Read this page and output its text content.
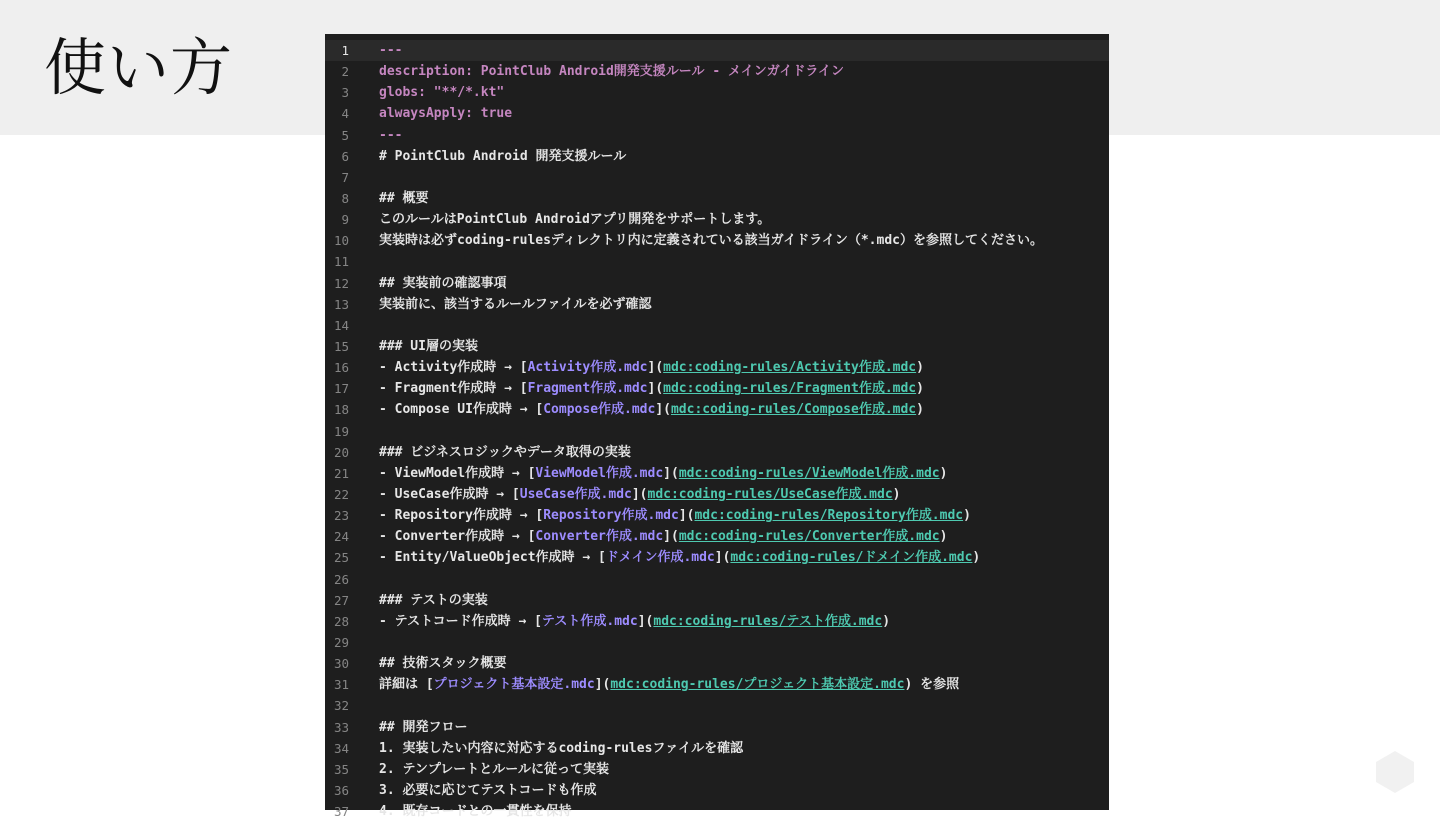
使い方	1 ---
2 description: PointClub Android開発支援ルール - メインガイドライン
3 globs: "**/*.kt"
4 alwaysApply: true
5 ---
6 # PointClub Android 開発支援ルール
7
8 ## 概要
9 このルールはPointClub Androidアプリ開発をサポートします。
10 実装時は必ずcoding-rulesディレクトリ内に定義されている該当ガイドライン（*.mdc）を参照してください。
11
12 ## 実装前の確認事項
13 実装前に、該当するルールファイルを必ず確認
14
15 ### UI層の実装
16 - Activity作成時 → [Activity作成.mdc](mdc:coding-rules/Activity作成.mdc)
17 - Fragment作成時 → [Fragment作成.mdc](mdc:coding-rules/Fragment作成.mdc)
18 - Compose UI作成時 → [Compose作成.mdc](mdc:coding-rules/Compose作成.mdc)
19
20 ### ビジネスロジックやデータ取得の実装
21 - ViewModel作成時 → [ViewModel作成.mdc](mdc:coding-rules/ViewModel作成.mdc)
22 - UseCase作成時 → [UseCase作成.mdc](mdc:coding-rules/UseCase作成.mdc)
23 - Repository作成時 → [Repository作成.mdc](mdc:coding-rules/Repository作成.mdc)
24 - Converter作成時 → [Converter作成.mdc](mdc:coding-rules/Converter作成.mdc)
25 - Entity/ValueObject作成時 → [ドメイン作成.mdc](mdc:coding-rules/ドメイン作成.mdc)
26
27 ### テストの実装
28 - テストコード作成時 → [テスト作成.mdc](mdc:coding-rules/テスト作成.mdc)
29
30 ## 技術スタック概要
31 詳細は [プロジェクト基本設定.mdc](mdc:coding-rules/プロジェクト基本設定.mdc) を参照
32
33 ## 開発フロー
34 1. 実装したい内容に対応するcoding-rulesファイルを確認
35 2. テンプレートとルールに従って実装
36 3. 必要に応じてテストコードも作成
37 4. 既存コードとの一貫性を保持
